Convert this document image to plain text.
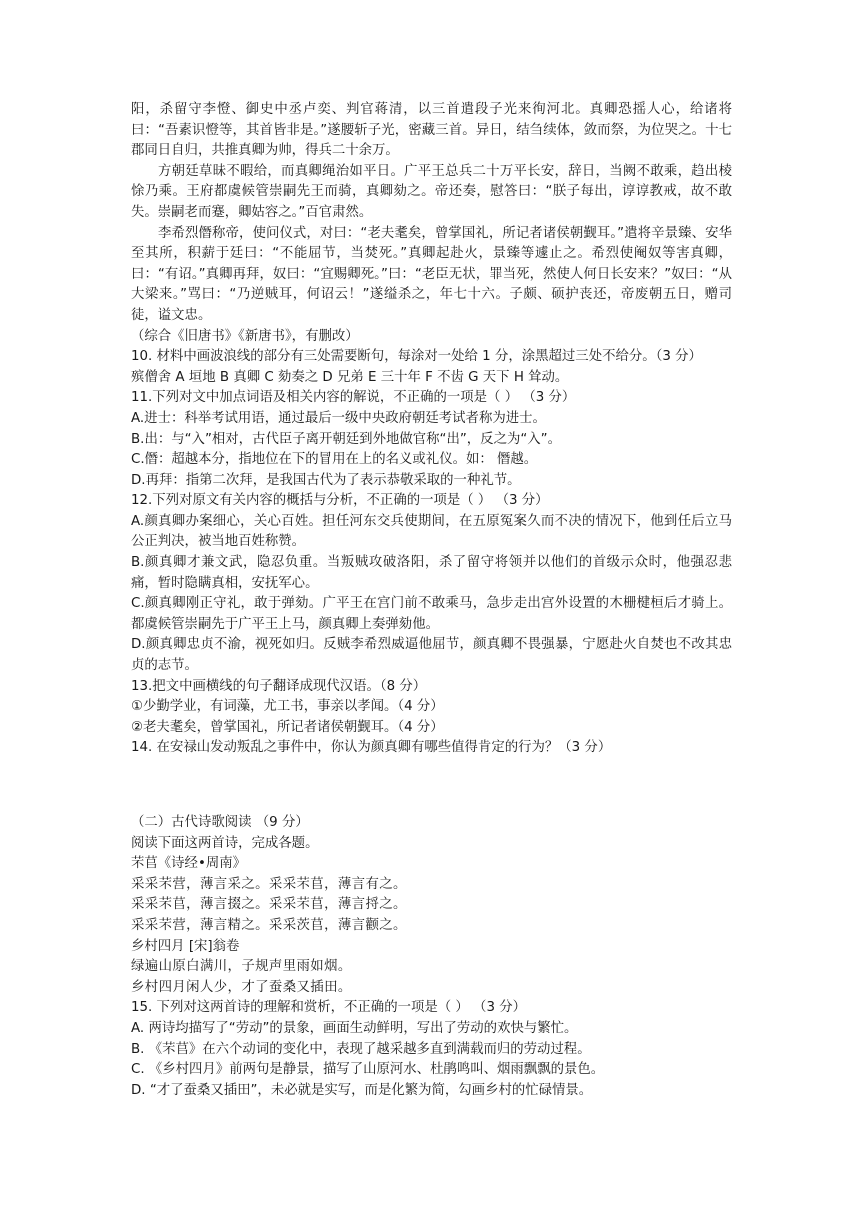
阳，杀留守李憕、御史中丞卢奕、判官蒋清，以三首遣段子光来徇河北。真卿恐摇人心，给诸将曰：“吾素识憕等，其首皆非是。”遂腰斩子光，密藏三首。异日，结刍续体，敛而祭，为位哭之。十七郡同日自归，共推真卿为帅，得兵二十余万。

方朝廷草昧不暇给，而真卿绳治如平日。广平王总兵二十万平长安，辞日，当阙不敢乘，趋出棱悇乃乘。王府都虞候管崇嗣先王而骑，真卿劾之。帝还奏，慰答曰：“朕子每出，谆谆教戒，故不敢失。崇嗣老而蹇，卿姑容之。”百官肃然。

李希烈僭称帝，使问仪式，对曰：“老夫耄矣，曾掌国礼，所记者诸侯朝觐耳。”遣将辛景臻、安华至其所，积薪于廷曰：“不能屈节，当焚死。”真卿起赴火，景臻等遽止之。希烈使阉奴等害真卿，曰：“有诏。”真卿再拜，奴曰：“宜赐卿死。”曰：“老臣无状，罪当死，然使人何日长安来？”奴曰：“从大梁来。”骂曰：“乃逆贼耳，何诏云！”遂缢杀之，年七十六。子颇、硕护丧还，帝废朝五日，赠司徒，谥文忠。

（综合《旧唐书》《新唐书》，有删改）

10. 材料中画波浪线的部分有三处需要断句，每涂对一处给 1 分，涂黑超过三处不给分。（3 分）

殡僧舍 A 垣地 B 真卿 C 劾奏之 D 兄弟 E 三十年 F 不齿 G 天下 H 耸动。

11.下列对文中加点词语及相关内容的解说，不正确的一项是（ ） （3 分）

A.进士：科举考试用语，通过最后一级中央政府朝廷考试者称为进士。

B.出：与“入”相对，古代臣子离开朝廷到外地做官称“出”，反之为“入”。

C.僭：超越本分，指地位在下的冒用在上的名义或礼仪。如： 僭越。

D.再拜：指第二次拜，是我国古代为了表示恭敬采取的一种礼节。

12.下列对原文有关内容的概括与分析，不正确的一项是（ ） （3 分）

A.颜真卿办案细心，关心百姓。担任河东交兵使期间，在五原冤案久而不决的情况下，他到任后立马公正判决，被当地百姓称赞。

B.颜真卿才兼文武，隐忍负重。当叛贼攻破洛阳，杀了留守将领并以他们的首级示众时，他强忍悲痛，暂时隐瞒真相，安抚军心。

C.颜真卿刚正守礼，敢于弹劾。广平王在宫门前不敢乘马，急步走出宫外设置的木栅楗桓后才骑上。都虞候管崇嗣先于广平王上马，颜真卿上奏弹劾他。

D.颜真卿忠贞不渝，视死如归。反贼李希烈威逼他屈节，颜真卿不畏强暴，宁愿赴火自焚也不改其忠贞的志节。

13.把文中画横线的句子翻译成现代汉语。（8 分）

①少勤学业，有词藻，尤工书，事亲以孝闻。（4 分）

②老夫耄矣，曾掌国礼，所记者诸侯朝觐耳。（4 分）

14. 在安禄山发动叛乱之事件中，你认为颜真卿有哪些值得肯定的行为？（3 分）

（二）古代诗歌阅读 （9 分）

阅读下面这两首诗，完成各题。

芣苢《诗经•周南》

采采芣营，薄言采之。采采芣苢，薄言有之。

采采芣苢，薄言掇之。采采芣苢，薄言捋之。

采采芣营，薄言精之。采采茨苢，薄言颧之。

乡村四月 [宋]翁卷

绿遍山原白满川，子规声里雨如烟。

乡村四月闲人少，才了蚕桑又插田。

15. 下列对这两首诗的理解和赏析，不正确的一项是（ ） （3 分）

A. 两诗均描写了“劳动”的景象，画面生动鲜明，写出了劳动的欢快与繁忙。

B. 《芣苢》在六个动词的变化中，表现了越采越多直到满载而归的劳动过程。

C. 《乡村四月》前两句是静景，描写了山原河水、杜鹃鸣叫、烟雨飘飘的景色。

D. “才了蚕桑又插田”，未必就是实写，而是化繁为简，勾画乡村的忙碌情景。
